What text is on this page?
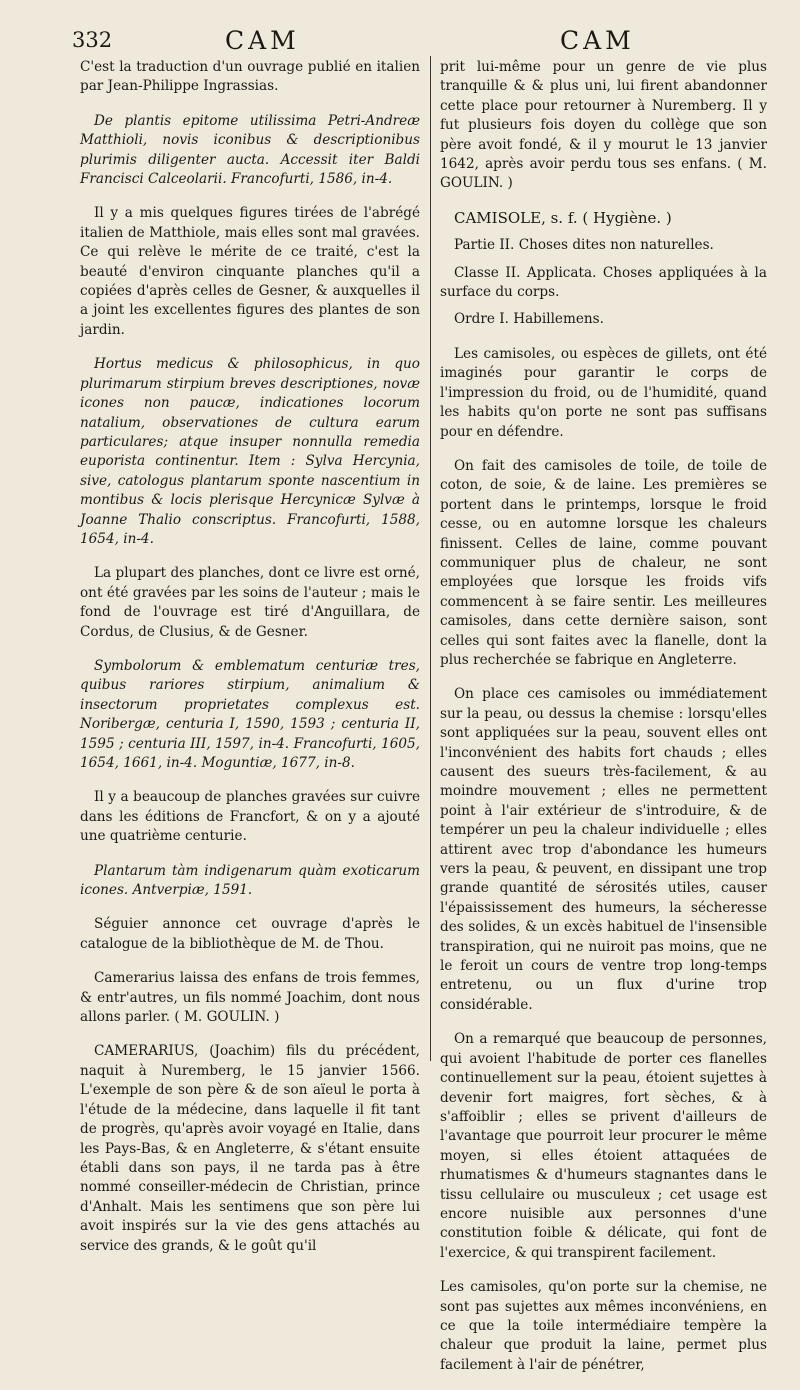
332	CAM	CAM

C'est la traduction d'un ouvrage publié en italien par Jean-Philippe Ingrassias.

De plantis epitome utilissima Petri-Andreæ Matthioli, novis iconibus & descriptionibus plurimis diligenter aucta. Accessit iter Baldi Francisci Calceolarii. Francofurti, 1586, in-4.

Il y a mis quelques figures tirées de l'abrégé italien de Matthiole, mais elles sont mal gravées. Ce qui relève le mérite de ce traité, c'est la beauté d'environ cinquante planches qu'il a copiées d'après celles de Gesner, & auxquelles il a joint les excellentes figures des plantes de son jardin.

Hortus medicus & philosophicus, in quo plurimarum stirpium breves descriptiones, novæ icones non paucæ, indicationes locorum natalium, observationes de cultura earum particulares; atque insuper nonnulla remedia euporista continentur. Item : Sylva Hercynia, sive, catologus plantarum sponte nascentium in montibus & locis plerisque Hercynicæ Sylvæ à Joanne Thalio conscriptus. Francofurti, 1588, 1654, in-4.

La plupart des planches, dont ce livre est orné, ont été gravées par les soins de l'auteur ; mais le fond de l'ouvrage est tiré d'Anguillara, de Cordus, de Clusius, & de Gesner.

Symbolorum & emblematum centuriæ tres, quibus rariores stirpium, animalium & insectorum proprietates complexus est. Noribergæ, centuria I, 1590, 1593 ; centuria II, 1595 ; centuria III, 1597, in-4. Francofurti, 1605, 1654, 1661, in-4. Moguntiæ, 1677, in-8.

Il y a beaucoup de planches gravées sur cuivre dans les éditions de Francfort, & on y a ajouté une quatrième centurie.

Plantarum tàm indigenarum quàm exoticarum icones. Antverpiæ, 1591.

Séguier annonce cet ouvrage d'après le catalogue de la bibliothèque de M. de Thou.

Camerarius laissa des enfans de trois femmes, & entr'autres, un fils nommé Joachim, dont nous allons parler. ( M. GOULIN. )

CAMERARIUS, (Joachim) fils du précédent, naquit à Nuremberg, le 15 janvier 1566. L'exemple de son père & de son aïeul le porta à l'étude de la médecine, dans laquelle il fit tant de progrès, qu'après avoir voyagé en Italie, dans les Pays-Bas, & en Angleterre, & s'étant ensuite établi dans son pays, il ne tarda pas à être nommé conseiller-médecin de Christian, prince d'Anhalt. Mais les sentimens que son père lui avoit inspirés sur la vie des gens attachés au service des grands, & le goût qu'il

prit lui-même pour un genre de vie plus tranquille & & plus uni, lui firent abandonner cette place pour retourner à Nuremberg. Il y fut plusieurs fois doyen du collège que son père avoit fondé, & il y mourut le 13 janvier 1642, après avoir perdu tous ses enfans. ( M. GOULIN. )

CAMISOLE, s. f. ( Hygiène. )

Partie II. Choses dites non naturelles.

Classe II. Applicata. Choses appliquées à la surface du corps.

Ordre I. Habillemens.

Les camisoles, ou espèces de gillets, ont été imaginés pour garantir le corps de l'impression du froid, ou de l'humidité, quand les habits qu'on porte ne sont pas suffisans pour en défendre.

On fait des camisoles de toile, de toile de coton, de soie, & de laine. Les premières se portent dans le printemps, lorsque le froid cesse, ou en automne lorsque les chaleurs finissent. Celles de laine, comme pouvant communiquer plus de chaleur, ne sont employées que lorsque les froids vifs commencent à se faire sentir. Les meilleures camisoles, dans cette dernière saison, sont celles qui sont faites avec la flanelle, dont la plus recherchée se fabrique en Angleterre.

On place ces camisoles ou immédiatement sur la peau, ou dessus la chemise : lorsqu'elles sont appliquées sur la peau, souvent elles ont l'inconvénient des habits fort chauds ; elles causent des sueurs très-facilement, & au moindre mouvement ; elles ne permettent point à l'air extérieur de s'introduire, & de tempérer un peu la chaleur individuelle ; elles attirent avec trop d'abondance les humeurs vers la peau, & peuvent, en dissipant une trop grande quantité de sérosités utiles, causer l'épaississement des humeurs, la sécheresse des solides, & un excès habituel de l'insensible transpiration, qui ne nuiroit pas moins, que ne le feroit un cours de ventre trop long-temps entretenu, ou un flux d'urine trop considérable.

On a remarqué que beaucoup de personnes, qui avoient l'habitude de porter ces flanelles continuellement sur la peau, étoient sujettes à devenir fort maigres, fort sèches, & à s'affoiblir ; elles se privent d'ailleurs de l'avantage que pourroit leur procurer le même moyen, si elles étoient attaquées de rhumatismes & d'humeurs stagnantes dans le tissu cellulaire ou musculeux ; cet usage est encore nuisible aux personnes d'une constitution foible & délicate, qui font de l'exercice, & qui transpirent facilement.

Les camisoles, qu'on porte sur la chemise, ne sont pas sujettes aux mêmes inconvéniens, en ce que la toile intermédiaire tempère la chaleur que produit la laine, permet plus facilement à l'air de pénétrer,
